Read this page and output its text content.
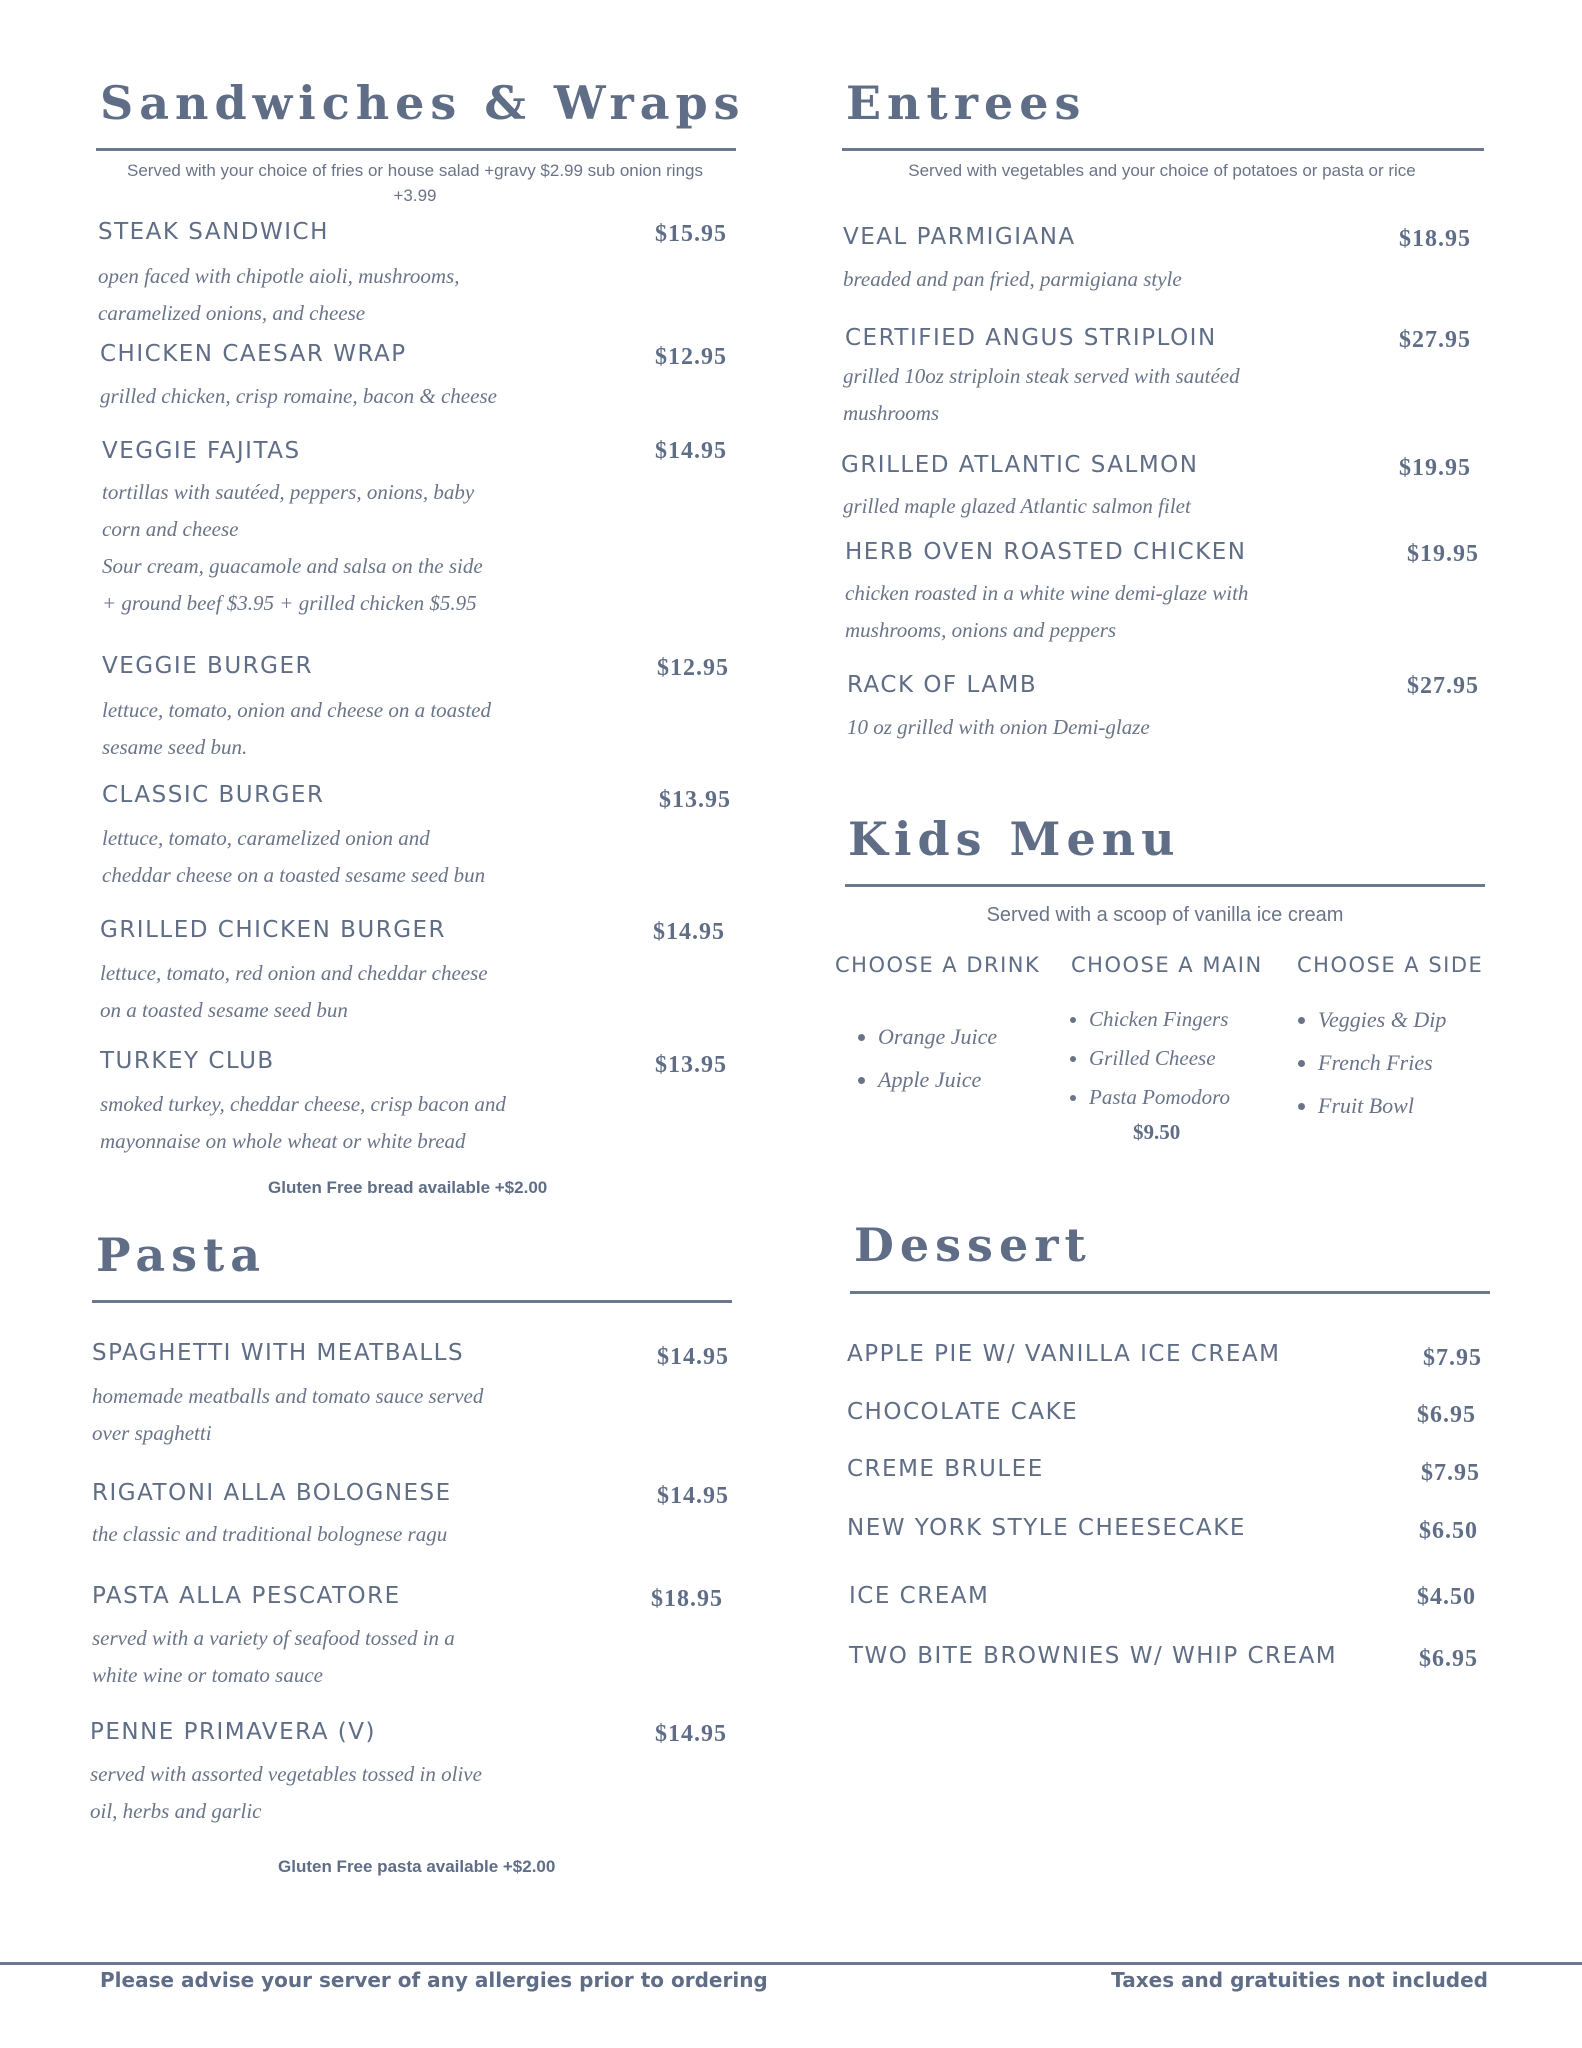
Sandwiches & Wraps
Served with your choice of fries or house salad +gravy $2.99 sub onion rings +3.99
STEAK SANDWICH	$15.95
open faced with chipotle aioli, mushrooms,
caramelized onions, and cheese
CHICKEN CAESAR WRAP	$12.95
grilled chicken, crisp romaine, bacon & cheese
VEGGIE FAJITAS	$14.95
tortillas with sautéed, peppers, onions, baby
corn and cheese
Sour cream, guacamole and salsa on the side
+ ground beef $3.95 + grilled chicken $5.95
VEGGIE BURGER	$12.95
lettuce, tomato, onion and cheese on a toasted
sesame seed bun.
CLASSIC BURGER	$13.95
lettuce, tomato, caramelized onion and
cheddar cheese on a toasted sesame seed bun
GRILLED CHICKEN BURGER	$14.95
lettuce, tomato, red onion and cheddar cheese
on a toasted sesame seed bun
TURKEY CLUB	$13.95
smoked turkey, cheddar cheese, crisp bacon and
mayonnaise on whole wheat or white bread
Gluten Free bread available +$2.00
Pasta
SPAGHETTI WITH MEATBALLS	$14.95
homemade meatballs and tomato sauce served
over spaghetti
RIGATONI ALLA BOLOGNESE	$14.95
the classic and traditional bolognese ragu
PASTA ALLA PESCATORE	$18.95
served with a variety of seafood tossed in a
white wine or tomato sauce
PENNE PRIMAVERA (V)	$14.95
served with assorted vegetables tossed in olive
oil, herbs and garlic
Gluten Free pasta available +$2.00
Entrees
Served with vegetables and your choice of potatoes or pasta or rice
VEAL PARMIGIANA	$18.95
breaded and pan fried, parmigiana style
CERTIFIED ANGUS STRIPLOIN	$27.95
grilled 10oz striploin steak served with sautéed
mushrooms
GRILLED ATLANTIC SALMON	$19.95
grilled maple glazed Atlantic salmon filet
HERB OVEN ROASTED CHICKEN	$19.95
chicken roasted in a white wine demi-glaze with
mushrooms, onions and peppers
RACK OF LAMB	$27.95
10 oz grilled with onion Demi-glaze
Kids Menu
Served with a scoop of vanilla ice cream
CHOOSE A DRINK CHOOSE A MAIN CHOOSE A SIDE
• Orange Juice
• Apple Juice
• Chicken Fingers
• Grilled Cheese
• Pasta Pomodoro
$9.50
• Veggies & Dip
• French Fries
• Fruit Bowl
Dessert
APPLE PIE W/ VANILLA ICE CREAM	$7.95
CHOCOLATE CAKE	$6.95
CREME BRULEE	$7.95
NEW YORK STYLE CHEESECAKE	$6.50
ICE CREAM	$4.50
TWO BITE BROWNIES W/ WHIP CREAM	$6.95
Please advise your server of any allergies prior to ordering	Taxes and gratuities not included
